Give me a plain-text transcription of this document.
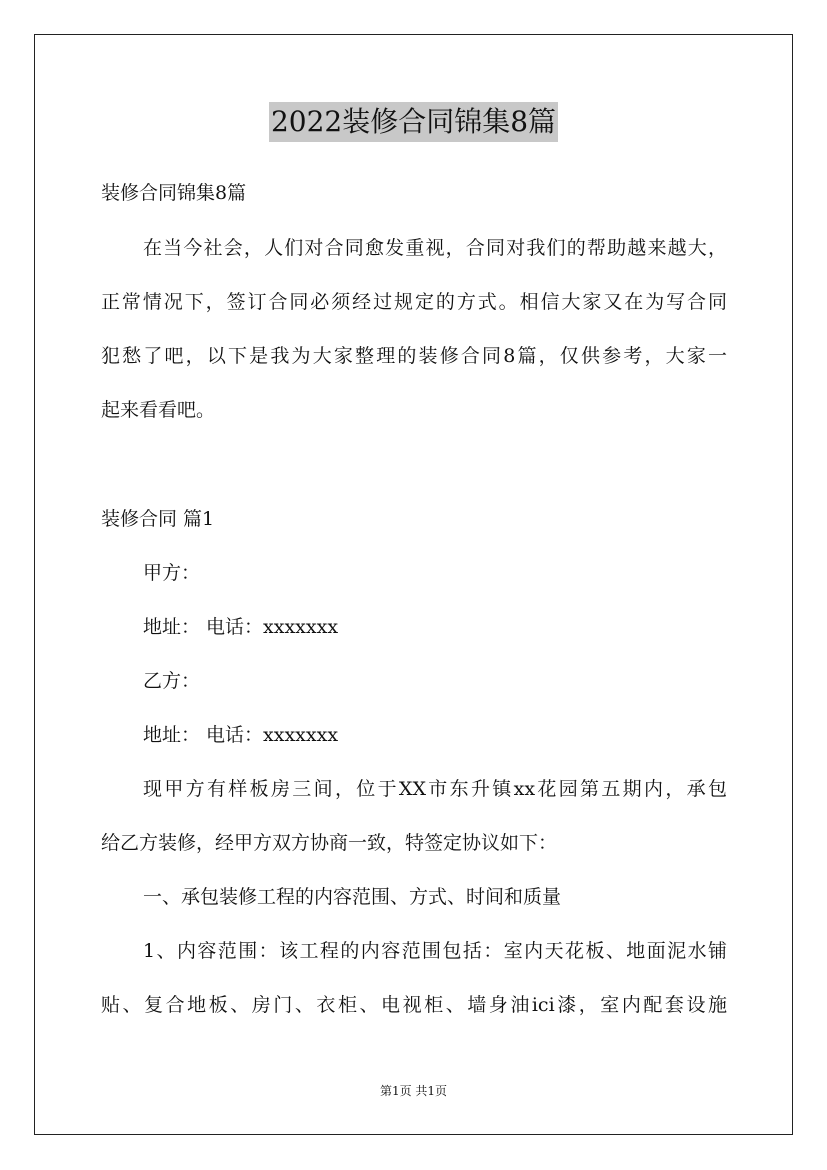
2022装修合同锦集8篇
装修合同锦集8篇
在当今社会，人们对合同愈发重视，合同对我们的帮助越来越大，
正常情况下，签订合同必须经过规定的方式。相信大家又在为写合同
犯愁了吧，以下是我为大家整理的装修合同8篇，仅供参考，大家一
起来看看吧。
装修合同 篇1
甲方：
地址： 电话：xxxxxxx
乙方：
地址： 电话：xxxxxxx
现甲方有样板房三间，位于XX市东升镇xx花园第五期内，承包
给乙方装修，经甲方双方协商一致，特签定协议如下：
一、承包装修工程的内容范围、方式、时间和质量
1、内容范围：该工程的内容范围包括：室内天花板、地面泥水铺
贴、复合地板、房门、衣柜、电视柜、墙身油ici漆，室内配套设施
第1页 共1页
